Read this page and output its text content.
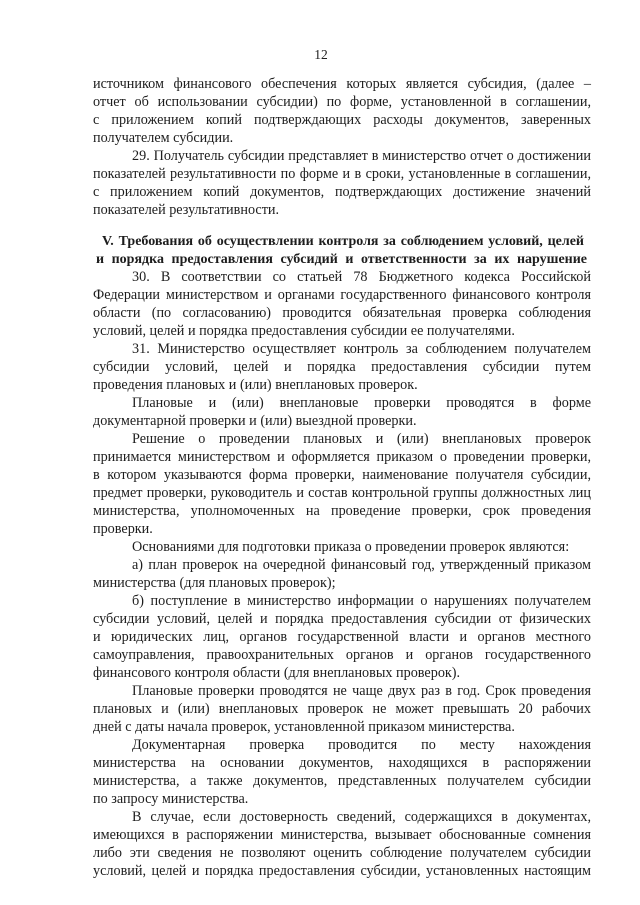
12
источником финансового обеспечения которых является субсидия, (далее –
отчет об использовании субсидии) по форме, установленной в соглашении,
с приложением копий подтверждающих расходы документов, заверенных
получателем субсидии.
29. Получатель субсидии представляет в министерство отчет о достижении
показателей результативности по форме и в сроки, установленные в соглашении,
с приложением копий документов, подтверждающих достижение значений
показателей результативности.
V. Требования об осуществлении контроля за соблюдением условий, целей
и порядка предоставления субсидий и ответственности за их нарушение
30. В соответствии со статьей 78 Бюджетного кодекса Российской
Федерации министерством и органами государственного финансового контроля
области (по согласованию) проводится обязательная проверка соблюдения
условий, целей и порядка предоставления субсидии ее получателями.
31. Министерство осуществляет контроль за соблюдением получателем
субсидии условий, целей и порядка предоставления субсидии путем
проведения плановых и (или) внеплановых проверок.
Плановые и (или) внеплановые проверки проводятся в форме
документарной проверки и (или) выездной проверки.
Решение о проведении плановых и (или) внеплановых проверок
принимается министерством и оформляется приказом о проведении проверки,
в котором указываются форма проверки, наименование получателя субсидии,
предмет проверки, руководитель и состав контрольной группы должностных лиц
министерства, уполномоченных на проведение проверки, срок проведения
проверки.
Основаниями для подготовки приказа о проведении проверок являются:
а) план проверок на очередной финансовый год, утвержденный приказом
министерства (для плановых проверок);
б) поступление в министерство информации о нарушениях получателем
субсидии условий, целей и порядка предоставления субсидии от физических
и юридических лиц, органов государственной власти и органов местного
самоуправления, правоохранительных органов и органов государственного
финансового контроля области (для внеплановых проверок).
Плановые проверки проводятся не чаще двух раз в год. Срок проведения
плановых и (или) внеплановых проверок не может превышать 20 рабочих
дней с даты начала проверок, установленной приказом министерства.
Документарная проверка проводится по месту нахождения
министерства на основании документов, находящихся в распоряжении
министерства, а также документов, представленных получателем субсидии
по запросу министерства.
В случае, если достоверность сведений, содержащихся в документах,
имеющихся в распоряжении министерства, вызывает обоснованные сомнения
либо эти сведения не позволяют оценить соблюдение получателем субсидии
условий, целей и порядка предоставления субсидии, установленных настоящим
